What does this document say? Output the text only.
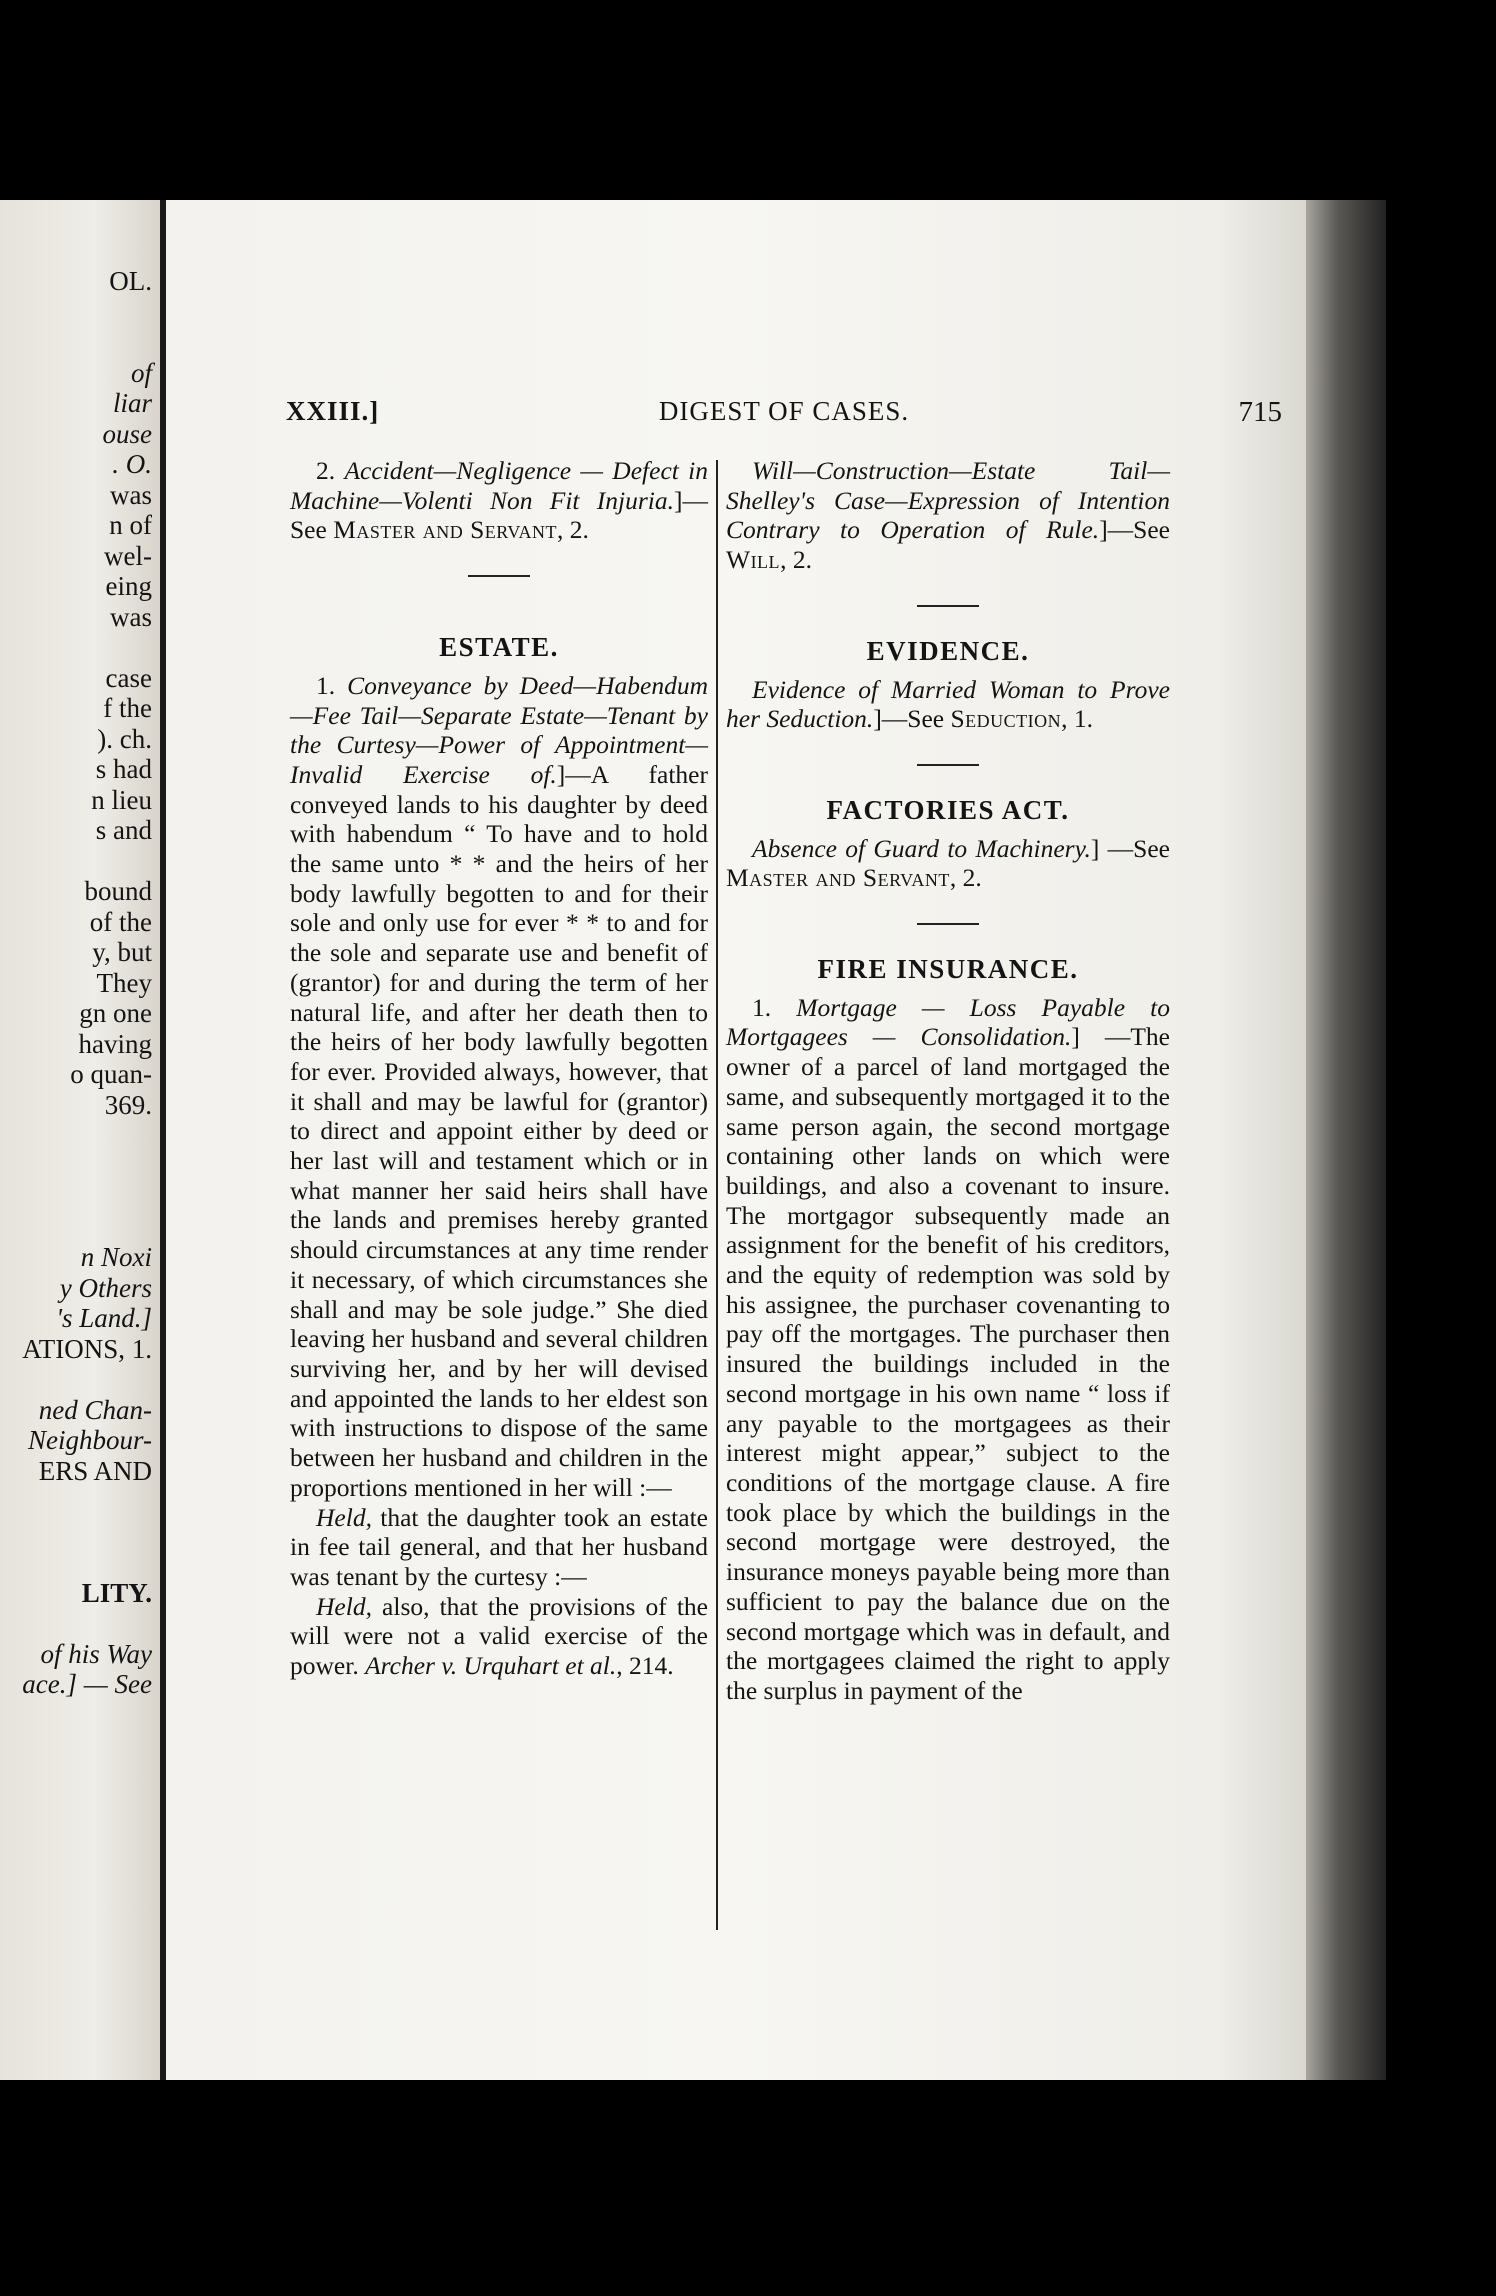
OL.

of

liar

ouse

. O.

was

n of

wel-

eing

was

case

f the

). ch.

s had

n lieu

s and

bound

of the

y, but

They

gn one

having

o quan-

369.

n Noxi

y Others

's Land.]

ATIONS, 1.

ned Chan-

Neighbour-

ERS AND

LITY.

of his Way

ace.] — See

XXIII.]	DIGEST OF CASES.	715

2. Accident—Negligence — Defect in Machine—Volenti Non Fit Injuria.]—See Master and Servant, 2.

ESTATE.

1. Conveyance by Deed—Habendum—Fee Tail—Separate Estate—Tenant by the Curtesy—Power of Appointment—Invalid Exercise of.]—A father conveyed lands to his daughter by deed with habendum “ To have and to hold the same unto * * and the heirs of her body lawfully begotten to and for their sole and only use for ever * * to and for the sole and separate use and benefit of (grantor) for and during the term of her natural life, and after her death then to the heirs of her body lawfully begotten for ever. Provided always, however, that it shall and may be lawful for (grantor) to direct and appoint either by deed or her last will and testament which or in what manner her said heirs shall have the lands and premises hereby granted should circumstances at any time render it necessary, of which circumstances she shall and may be sole judge.” She died leaving her husband and several children surviving her, and by her will devised and appointed the lands to her eldest son with instructions to dispose of the same between her husband and children in the proportions mentioned in her will :—

Held, that the daughter took an estate in fee tail general, and that her husband was tenant by the curtesy :—

Held, also, that the provisions of the will were not a valid exercise of the power. Archer v. Urquhart et al., 214.

Will—Construction—Estate Tail—Shelley's Case—Expression of Intention Contrary to Operation of Rule.]—See Will, 2.

EVIDENCE.

Evidence of Married Woman to Prove her Seduction.]—See Seduction, 1.

FACTORIES ACT.

Absence of Guard to Machinery.] —See Master and Servant, 2.

FIRE INSURANCE.

1. Mortgage — Loss Payable to Mortgagees — Consolidation.] —The owner of a parcel of land mortgaged the same, and subsequently mortgaged it to the same person again, the second mortgage containing other lands on which were buildings, and also a covenant to insure. The mortgagor subsequently made an assignment for the benefit of his creditors, and the equity of redemption was sold by his assignee, the purchaser covenanting to pay off the mortgages. The purchaser then insured the buildings included in the second mortgage in his own name “ loss if any payable to the mortgagees as their interest might appear,” subject to the conditions of the mortgage clause. A fire took place by which the buildings in the second mortgage were destroyed, the insurance moneys payable being more than sufficient to pay the balance due on the second mortgage which was in default, and the mortgagees claimed the right to apply the surplus in payment of the
